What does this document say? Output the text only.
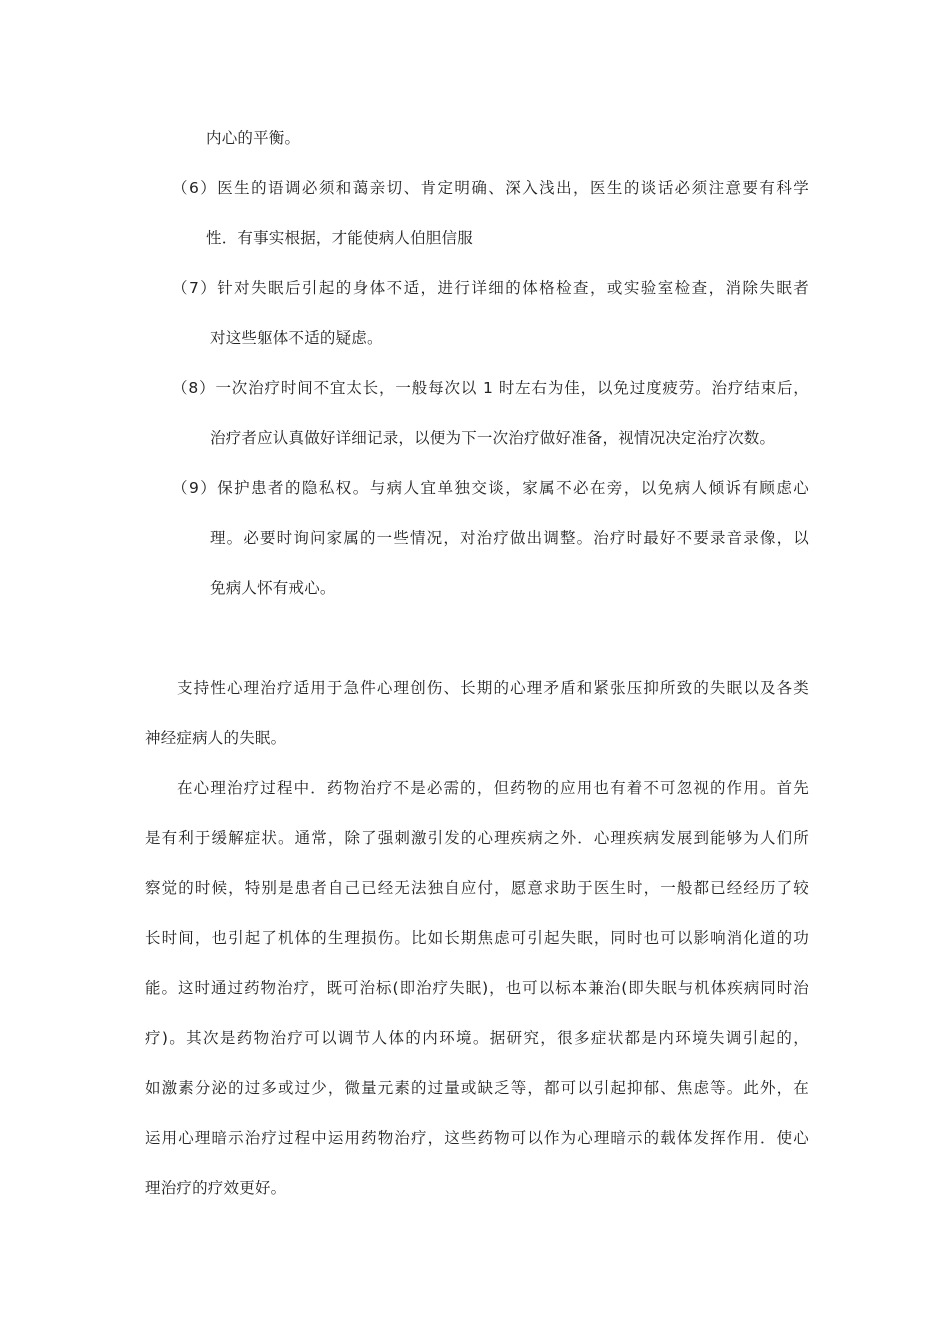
内心的平衡。
（6）医生的语调必须和蔼亲切、肯定明确、深入浅出，医生的谈话必须注意要有科学
性．有事实根据，才能使病人伯胆信服
（7）针对失眠后引起的身体不适，进行详细的体格检查，或实验室检查，消除失眠者
对这些躯体不适的疑虑。
（8）一次治疗时间不宜太长，一般每次以 1 时左右为佳，以免过度疲劳。治疗结束后，
治疗者应认真做好详细记录，以便为下一次治疗做好准备，视情况决定治疗次数。
（9）保护患者的隐私权。与病人宜单独交谈，家属不必在旁，以免病人倾诉有顾虑心
理。必要时询问家属的一些情况，对治疗做出调整。治疗时最好不要录音录像，以
免病人怀有戒心。
支持性心理治疗适用于急件心理创伤、长期的心理矛盾和紧张压抑所致的失眠以及各类
神经症病人的失眠。
在心理治疗过程中．药物治疗不是必需的，但药物的应用也有着不可忽视的作用。首先
是有利于缓解症状。通常，除了强刺激引发的心理疾病之外．心理疾病发展到能够为人们所
察觉的时候，特别是患者自己已经无法独自应付，愿意求助于医生时，一般都已经经历了较
长时间，也引起了机体的生理损伤。比如长期焦虑可引起失眠，同时也可以影响消化道的功
能。这时通过药物治疗，既可治标(即治疗失眠)，也可以标本兼治(即失眠与机体疾病同时治
疗)。其次是药物治疗可以调节人体的内环境。据研究，很多症状都是内环境失调引起的，
如激素分泌的过多或过少，微量元素的过量或缺乏等，都可以引起抑郁、焦虑等。此外，在
运用心理暗示治疗过程中运用药物治疗，这些药物可以作为心理暗示的载体发挥作用．使心
理治疗的疗效更好。
